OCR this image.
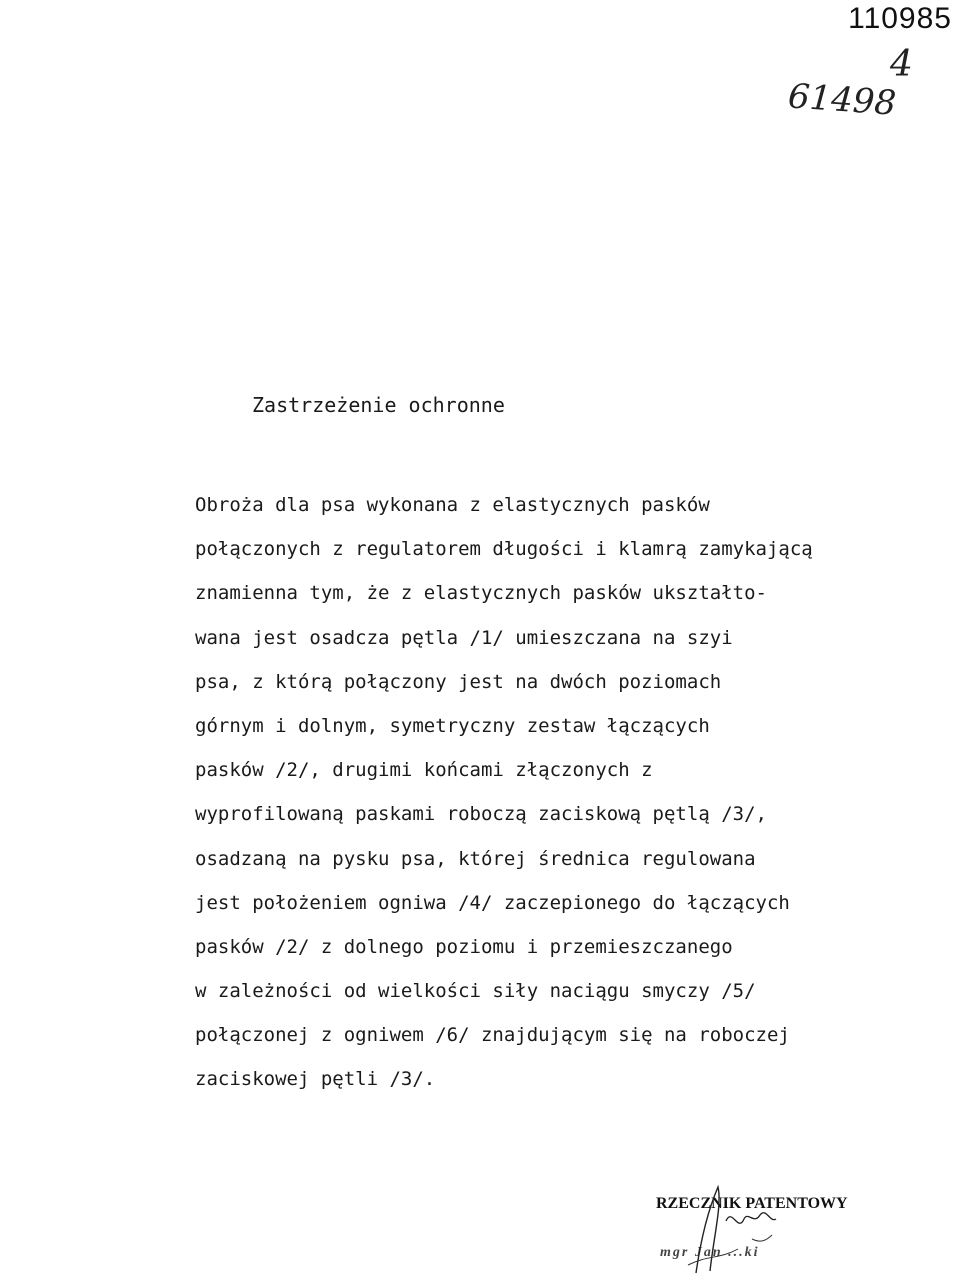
110985
4
61498
Zastrzeżenie ochronne
Obroża dla psa wykonana z elastycznych pasków
połączonych z regulatorem długości i klamrą zamykającą
znamienna tym, że z elastycznych pasków ukształto-
wana jest osadcza pętla /1/ umieszczana na szyi
psa, z którą połączony jest na dwóch poziomach
górnym i dolnym, symetryczny zestaw łączących
pasków /2/, drugimi końcami złączonych z
wyprofilowaną paskami roboczą zaciskową pętlą /3/,
osadzaną na pysku psa, której średnica regulowana
jest położeniem ogniwa /4/ zaczepionego do łączących
pasków /2/ z dolnego poziomu i przemieszczanego
w zależności od wielkości siły naciągu smyczy /5/
połączonej z ogniwem /6/ znajdującym się na roboczej
zaciskowej pętli /3/.
RZECZNIK PATENTOWY
mgr Jan ...ki
